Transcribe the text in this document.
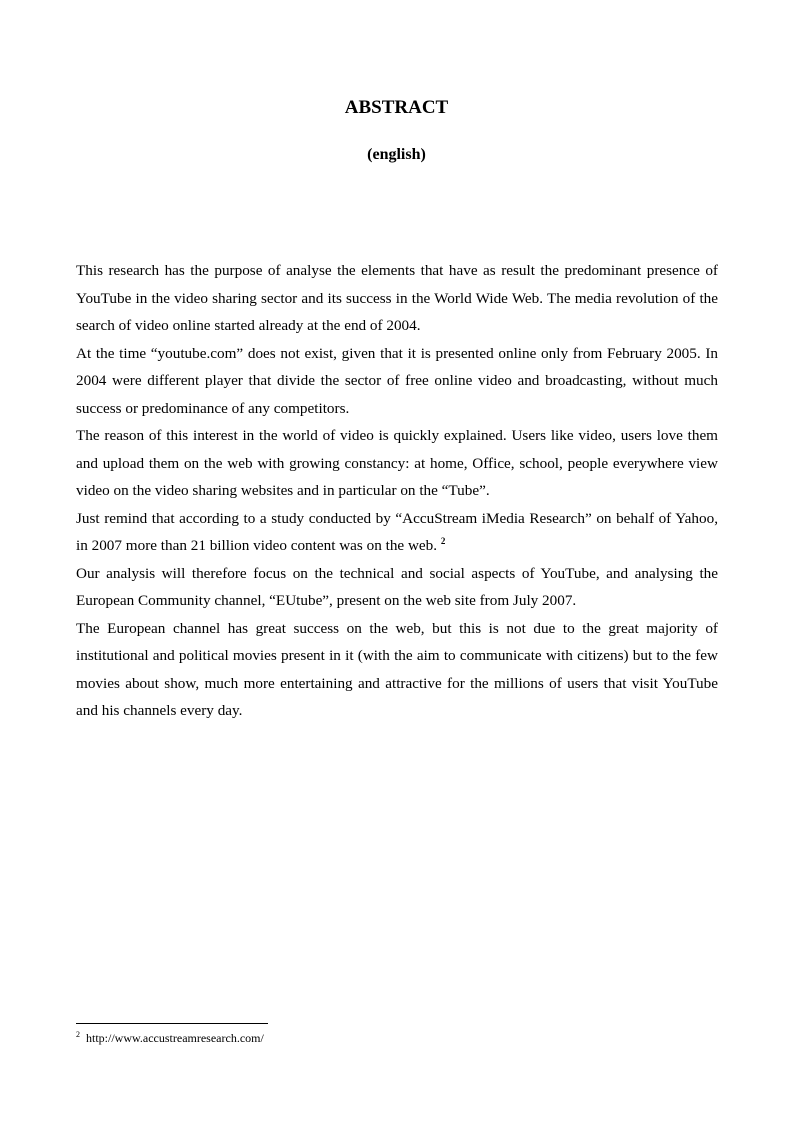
ABSTRACT
(english)

This research has the purpose of analyse the elements that have as result the predominant presence of YouTube in the video sharing sector and its success in the World Wide Web. The media revolution of the search of video online started already at the end of 2004.

At the time “youtube.com” does not exist, given that it is presented online only from February 2005. In 2004 were different player that divide the sector of free online video and broadcasting, without much success or predominance of any competitors.

The reason of this interest in the world of video is quickly explained. Users like video, users love them and upload them on the web with growing constancy: at home, Office, school, people everywhere view video on the video sharing websites and in particular on the “Tube”.

Just remind that according to a study conducted by “AccuStream iMedia Research” on behalf of Yahoo, in 2007 more than 21 billion video content was on the web. $^2$

Our analysis will therefore focus on the technical and social aspects of YouTube, and analysing the European Community channel, “EUtube”, present on the web site from July 2007.

The European channel has great success on the web, but this is not due to the great majority of institutional and political movies present in it (with the aim to communicate with citizens) but to the few movies about show, much more entertaining and attractive for the millions of users that visit YouTube and his channels every day.

$^2$ http://www.accustreamresearch.com/
